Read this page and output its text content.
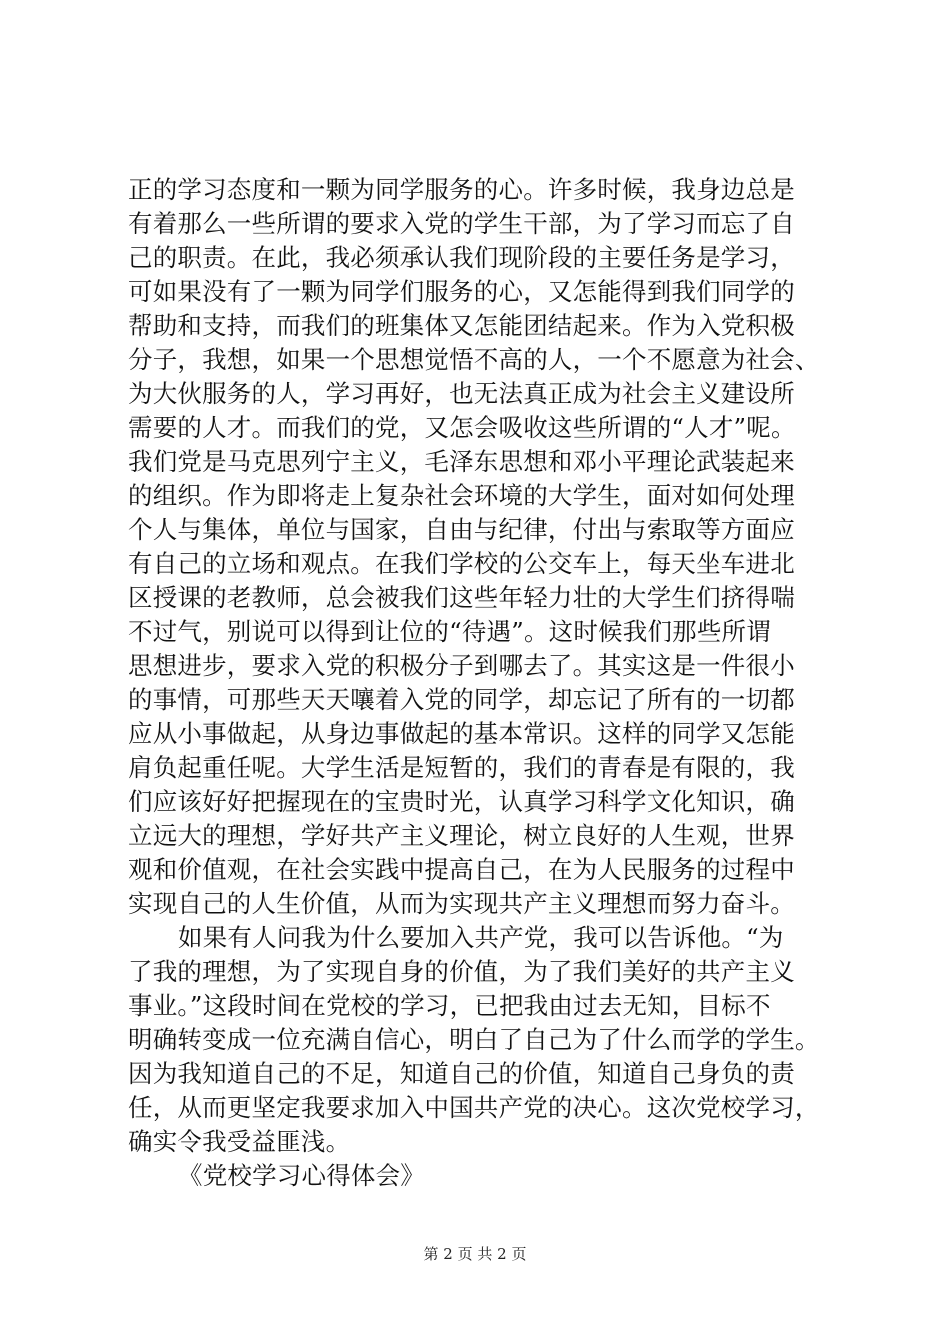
正的学习态度和一颗为同学服务的心。许多时候，我身边总是
有着那么一些所谓的要求入党的学生干部，为了学习而忘了自
己的职责。在此，我必须承认我们现阶段的主要任务是学习，
可如果没有了一颗为同学们服务的心，又怎能得到我们同学的
帮助和支持，而我们的班集体又怎能团结起来。作为入党积极
分子，我想，如果一个思想觉悟不高的人，一个不愿意为社会、
为大伙服务的人，学习再好，也无法真正成为社会主义建设所
需要的人才。而我们的党，又怎会吸收这些所谓的“人才”呢。
我们党是马克思列宁主义，毛泽东思想和邓小平理论武装起来
的组织。作为即将走上复杂社会环境的大学生，面对如何处理
个人与集体，单位与国家，自由与纪律，付出与索取等方面应
有自己的立场和观点。在我们学校的公交车上，每天坐车进北
区授课的老教师，总会被我们这些年轻力壮的大学生们挤得喘
不过气，别说可以得到让位的“待遇”。这时候我们那些所谓
思想进步，要求入党的积极分子到哪去了。其实这是一件很小
的事情，可那些天天嚷着入党的同学，却忘记了所有的一切都
应从小事做起，从身边事做起的基本常识。这样的同学又怎能
肩负起重任呢。大学生活是短暂的，我们的青春是有限的，我
们应该好好把握现在的宝贵时光，认真学习科学文化知识，确
立远大的理想，学好共产主义理论，树立良好的人生观，世界
观和价值观，在社会实践中提高自己，在为人民服务的过程中
实现自己的人生价值，从而为实现共产主义理想而努力奋斗。
如果有人问我为什么要加入共产党，我可以告诉他。“为
了我的理想，为了实现自身的价值，为了我们美好的共产主义
事业。”这段时间在党校的学习，已把我由过去无知，目标不
明确转变成一位充满自信心，明白了自己为了什么而学的学生。
因为我知道自己的不足，知道自己的价值，知道自己身负的责
任，从而更坚定我要求加入中国共产党的决心。这次党校学习，
确实令我受益匪浅。
《党校学习心得体会》
第 2 页 共 2 页
